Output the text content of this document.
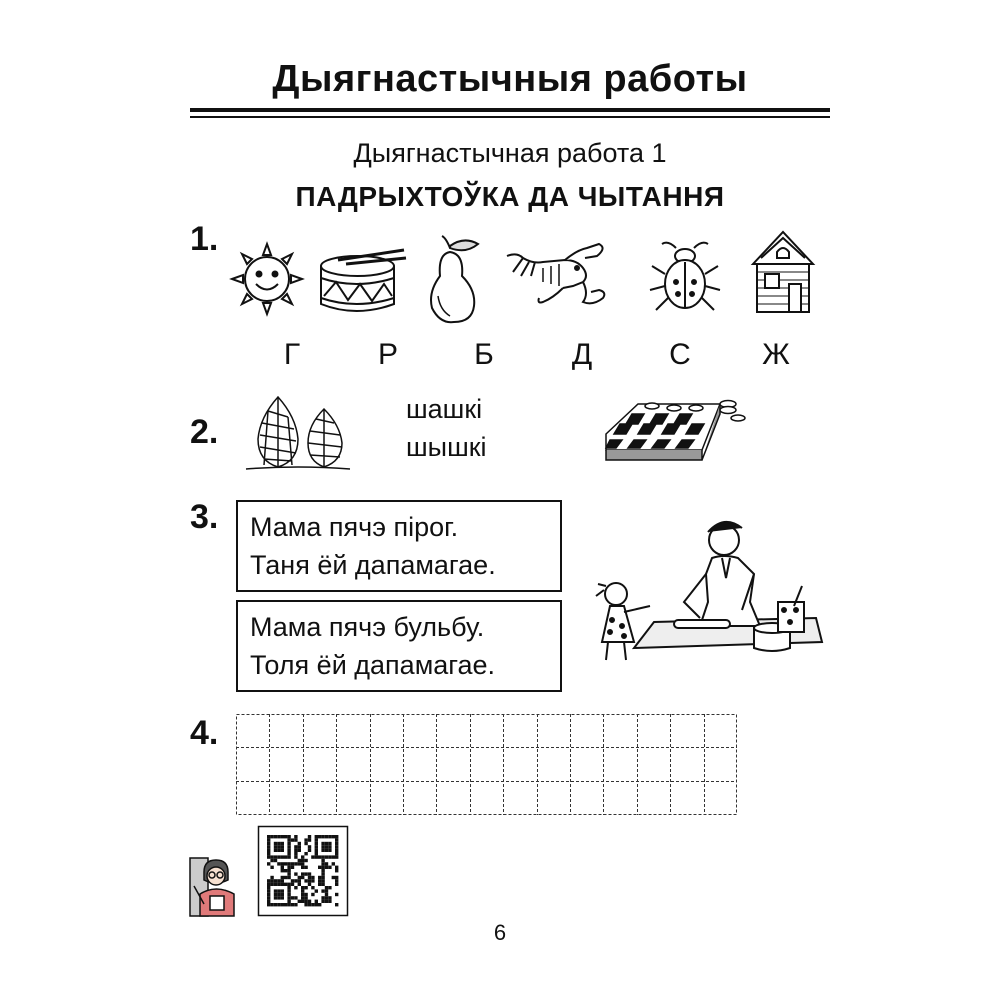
Дыягнастычныя работы
Дыягнастычная работа 1
ПАДРЫХТОЎКА ДА ЧЫТАННЯ
1.
Г	Р	Б	Д	С	Ж
2.
шашкі
шышкі
3. Мама пячэ пірог.
Таня ёй дапамагае.
Мама пячэ бульбу.
Толя ёй дапамагае.
4.
6
